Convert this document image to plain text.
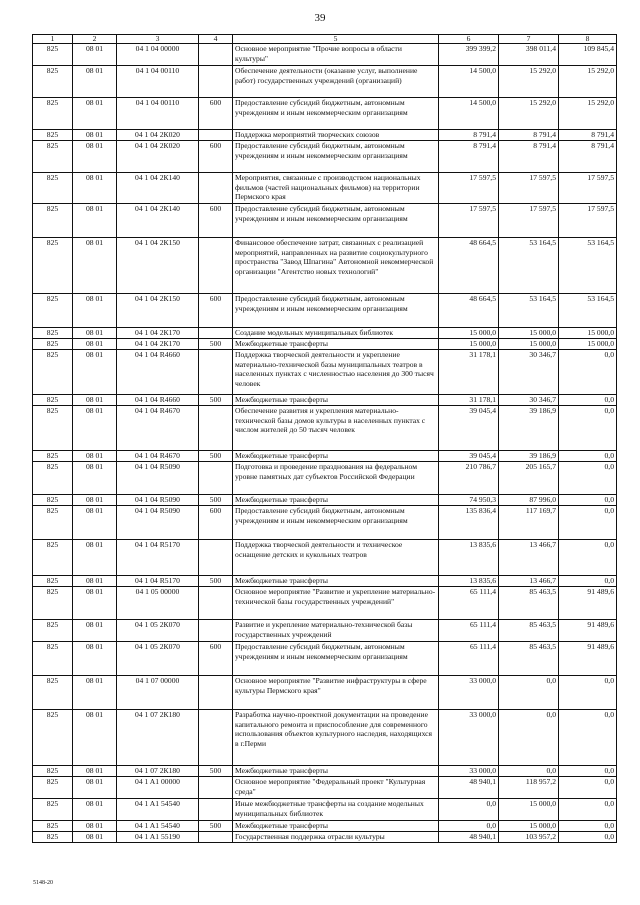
39
1	2	3	4	5	6	7	8
825	08 01	04 1 04 00000		Основное мероприятие "Прочие вопросы в области культуры"	399 399,2	398 011,4	109 845,4
825	08 01	04 1 04 00110		Обеспечение деятельности (оказание услуг, выполнение работ) государственных учреждений (организаций)	14 500,0	15 292,0	15 292,0
825	08 01	04 1 04 00110	600	Предоставление субсидий бюджетным, автономным учреждениям и иным некоммерческим организациям	14 500,0	15 292,0	15 292,0
825	08 01	04 1 04 2К020		Поддержка мероприятий творческих союзов	8 791,4	8 791,4	8 791,4
825	08 01	04 1 04 2К020	600	Предоставление субсидий бюджетным, автономным учреждениям и иным некоммерческим организациям	8 791,4	8 791,4	8 791,4
825	08 01	04 1 04 2К140		Мероприятия, связанные с производством национальных фильмов (частей национальных фильмов) на территории Пермского края	17 597,5	17 597,5	17 597,5
825	08 01	04 1 04 2К140	600	Предоставление субсидий бюджетным, автономным учреждениям и иным некоммерческим организациям	17 597,5	17 597,5	17 597,5
825	08 01	04 1 04 2К150		Финансовое обеспечение затрат, связанных с реализацией мероприятий, направленных на развитие социокультурного пространства "Завод Шпагина" Автономной некоммерческой организации "Агентство новых технологий"	48 664,5	53 164,5	53 164,5
825	08 01	04 1 04 2К150	600	Предоставление субсидий бюджетным, автономным учреждениям и иным некоммерческим организациям	48 664,5	53 164,5	53 164,5
825	08 01	04 1 04 2К170		Создание модельных муниципальных библиотек	15 000,0	15 000,0	15 000,0
825	08 01	04 1 04 2К170	500	Межбюджетные трансферты	15 000,0	15 000,0	15 000,0
825	08 01	04 1 04 R4660		Поддержка творческой деятельности и укрепление материально-технической базы муниципальных театров в населенных пунктах с численностью населения до 300 тысяч человек	31 178,1	30 346,7	0,0
825	08 01	04 1 04 R4660	500	Межбюджетные трансферты	31 178,1	30 346,7	0,0
825	08 01	04 1 04 R4670		Обеспечение развития и укрепления материально-технической базы домов культуры в населенных пунктах с числом жителей до 50 тысяч человек	39 045,4	39 186,9	0,0
825	08 01	04 1 04 R4670	500	Межбюджетные трансферты	39 045,4	39 186,9	0,0
825	08 01	04 1 04 R5090		Подготовка и проведение празднования на федеральном уровне памятных дат субъектов Российской Федерации	210 786,7	205 165,7	0,0
825	08 01	04 1 04 R5090	500	Межбюджетные трансферты	74 950,3	87 996,0	0,0
825	08 01	04 1 04 R5090	600	Предоставление субсидий бюджетным, автономным учреждениям и иным некоммерческим организациям	135 836,4	117 169,7	0,0
825	08 01	04 1 04 R5170		Поддержка творческой деятельности и техническое оснащение детских и кукольных театров	13 835,6	13 466,7	0,0
825	08 01	04 1 04 R5170	500	Межбюджетные трансферты	13 835,6	13 466,7	0,0
825	08 01	04 1 05 00000		Основное мероприятие "Развитие и укрепление материально-технической базы государственных учреждений"	65 111,4	85 463,5	91 489,6
825	08 01	04 1 05 2К070		Развитие и укрепление материально-технической базы государственных учреждений	65 111,4	85 463,5	91 489,6
825	08 01	04 1 05 2К070	600	Предоставление субсидий бюджетным, автономным учреждениям и иным некоммерческим организациям	65 111,4	85 463,5	91 489,6
825	08 01	04 1 07 00000		Основное мероприятие "Развитие инфраструктуры в сфере культуры Пермского края"	33 000,0	0,0	0,0
825	08 01	04 1 07 2К180		Разработка научно-проектной документации на проведение капитального ремонта и приспособление для современного использования объектов культурного наследия, находящихся в г.Перми	33 000,0	0,0	0,0
825	08 01	04 1 07 2К180	500	Межбюджетные трансферты	33 000,0	0,0	0,0
825	08 01	04 1 A1 00000		Основное мероприятие "Федеральный проект "Культурная среда"	48 940,1	118 957,2	0,0
825	08 01	04 1 A1 54540		Иные межбюджетные трансферты на создание модельных муниципальных библиотек	0,0	15 000,0	0,0
825	08 01	04 1 A1 54540	500	Межбюджетные трансферты	0,0	15 000,0	0,0
825	08 01	04 1 A1 55190		Государственная поддержка отрасли культуры	48 940,1	103 957,2	0,0
5148-20
